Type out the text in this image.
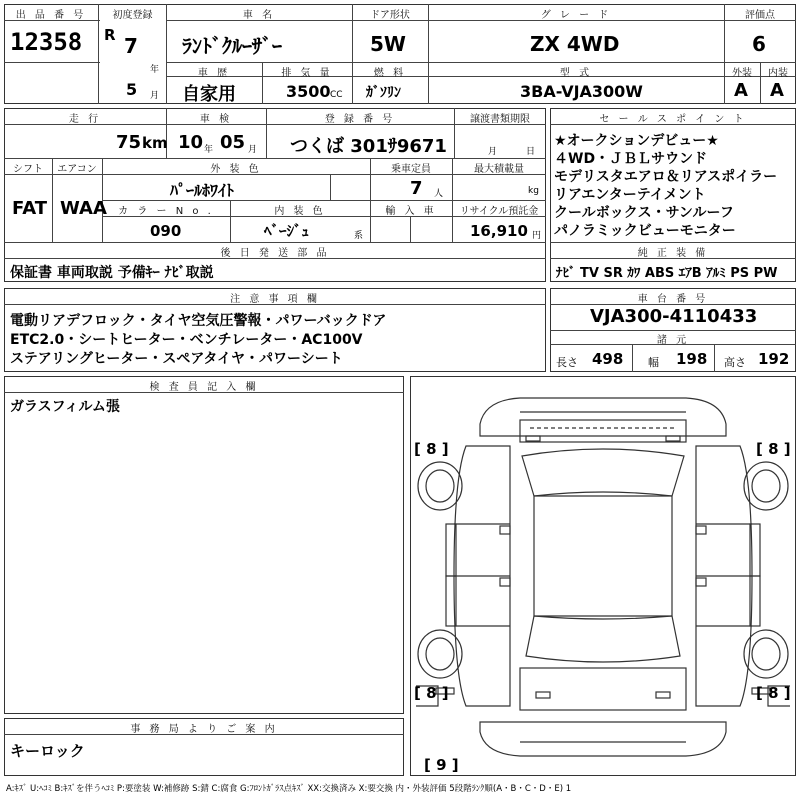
出 品 番 号
12358
初度登録
R 7
年
5 月
車 名
ﾗﾝﾄﾞｸﾙｰｻﾞｰ
ドア形状
5W
グ レ ー ド
ZX 4WD
評価点
6
車 歴
自家用
排 気 量
3500 CC
燃 料
ｶﾞｿﾘﾝ
型 式
3BA-VJA300W
外装	内装
A A
走 行
75 km
車 検
10 年 05 月
登 録 番 号
つくば 301ｻ9671
譲渡書類期限
月	日
シフト	エアコン
FAT WAA
外 装 色
ﾊﾟｰﾙﾎﾜｲﾄ
乗車定員
7 人
最大積載量
kg
カ ラ ー N o .
090
内 装 色
ﾍﾞｰｼﾞｭ	系
輸 入 車	リサイクル預託金
16,910 円
後 日 発 送 部 品
保証書 車両取説 予備ｷｰ ﾅﾋﾞ取説
セ ー ル ス ポ イ ン ト
★オークションデビュー★
４WD・ＪＢＬサウンド
モデリスタエアロ＆リアスポイラー
リアエンターテイメント
クールボックス・サンルーフ
パノラミックビューモニター
純 正 装 備
ﾅﾋﾞ TV SR ｶﾜ ABS ｴｱB ｱﾙﾐ PS PW
注 意 事 項 欄
電動リアデフロック・タイヤ空気圧警報・パワーバックドア
ETC2.0・シートヒーター・ベンチレーター・AC100V
ステアリングヒーター・スペアタイヤ・パワーシート
車 台 番 号
VJA300-4110433
諸 元
長さ 498 幅 198 高さ 192
検 査 員 記 入 欄
ガラスフィルム張
事 務 局 よ り ご 案 内
キーロック
[ 8 ]	[ 8 ]
[ 8 ]	[ 8 ]
[ 9 ]
A:ｷｽﾞ U:ﾍｺﾐ B:ｷｽﾞを伴うﾍｺﾐ P:要塗装 W:補修跡 S:錆 C:腐食 G:ﾌﾛﾝﾄｶﾞﾗｽ点ｷｽﾞ XX:交換済み X:要交換 内・外装評価 5段階ﾗﾝｸ順(A・B・C・D・E) 1
